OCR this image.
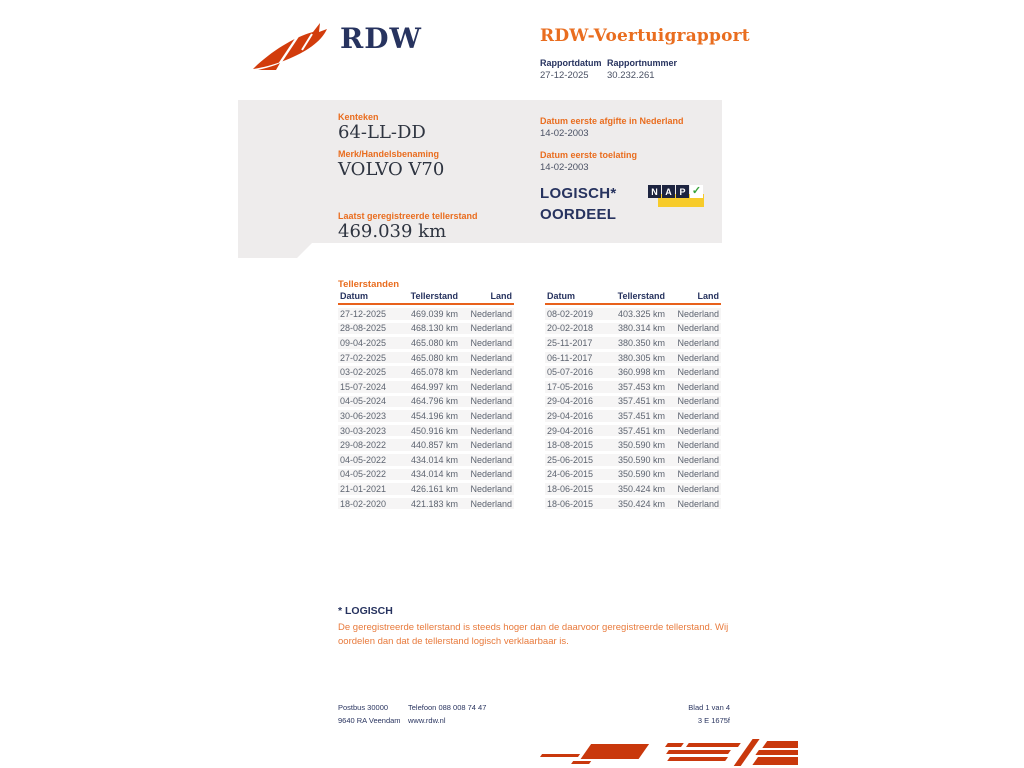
RDW	RDW-Voertuigrapport
Rapportdatum
27-12-2025
Rapportnummer
30.232.261
Kenteken
64-LL-DD
Merk/Handelsbenaming
VOLVO V70
Laatst geregistreerde tellerstand
469.039 km
Datum eerste afgifte in Nederland
14-02-2003
Datum eerste toelating
14-02-2003
LOGISCH*
OORDEEL
N A P ✓
Tellerstanden
Datum	Tellerstand	Land
27-12-2025	469.039 km	Nederland
28-08-2025	468.130 km	Nederland
09-04-2025	465.080 km	Nederland
27-02-2025	465.080 km	Nederland
03-02-2025	465.078 km	Nederland
15-07-2024	464.997 km	Nederland
04-05-2024	464.796 km	Nederland
30-06-2023	454.196 km	Nederland
30-03-2023	450.916 km	Nederland
29-08-2022	440.857 km	Nederland
04-05-2022	434.014 km	Nederland
04-05-2022	434.014 km	Nederland
21-01-2021	426.161 km	Nederland
18-02-2020	421.183 km	Nederland
Datum	Tellerstand	Land
08-02-2019	403.325 km	Nederland
20-02-2018	380.314 km	Nederland
25-11-2017	380.350 km	Nederland
06-11-2017	380.305 km	Nederland
05-07-2016	360.998 km	Nederland
17-05-2016	357.453 km	Nederland
29-04-2016	357.451 km	Nederland
29-04-2016	357.451 km	Nederland
29-04-2016	357.451 km	Nederland
18-08-2015	350.590 km	Nederland
25-06-2015	350.590 km	Nederland
24-06-2015	350.590 km	Nederland
18-06-2015	350.424 km	Nederland
18-06-2015	350.424 km	Nederland
* LOGISCH
De geregistreerde tellerstand is steeds hoger dan de daarvoor geregistreerde tellerstand. Wij oordelen dan dat de tellerstand logisch verklaarbaar is.
Postbus 30000
9640 RA Veendam
Telefoon 088 008 74 47
www.rdw.nl
Blad 1 van 4
3 E 1675f
